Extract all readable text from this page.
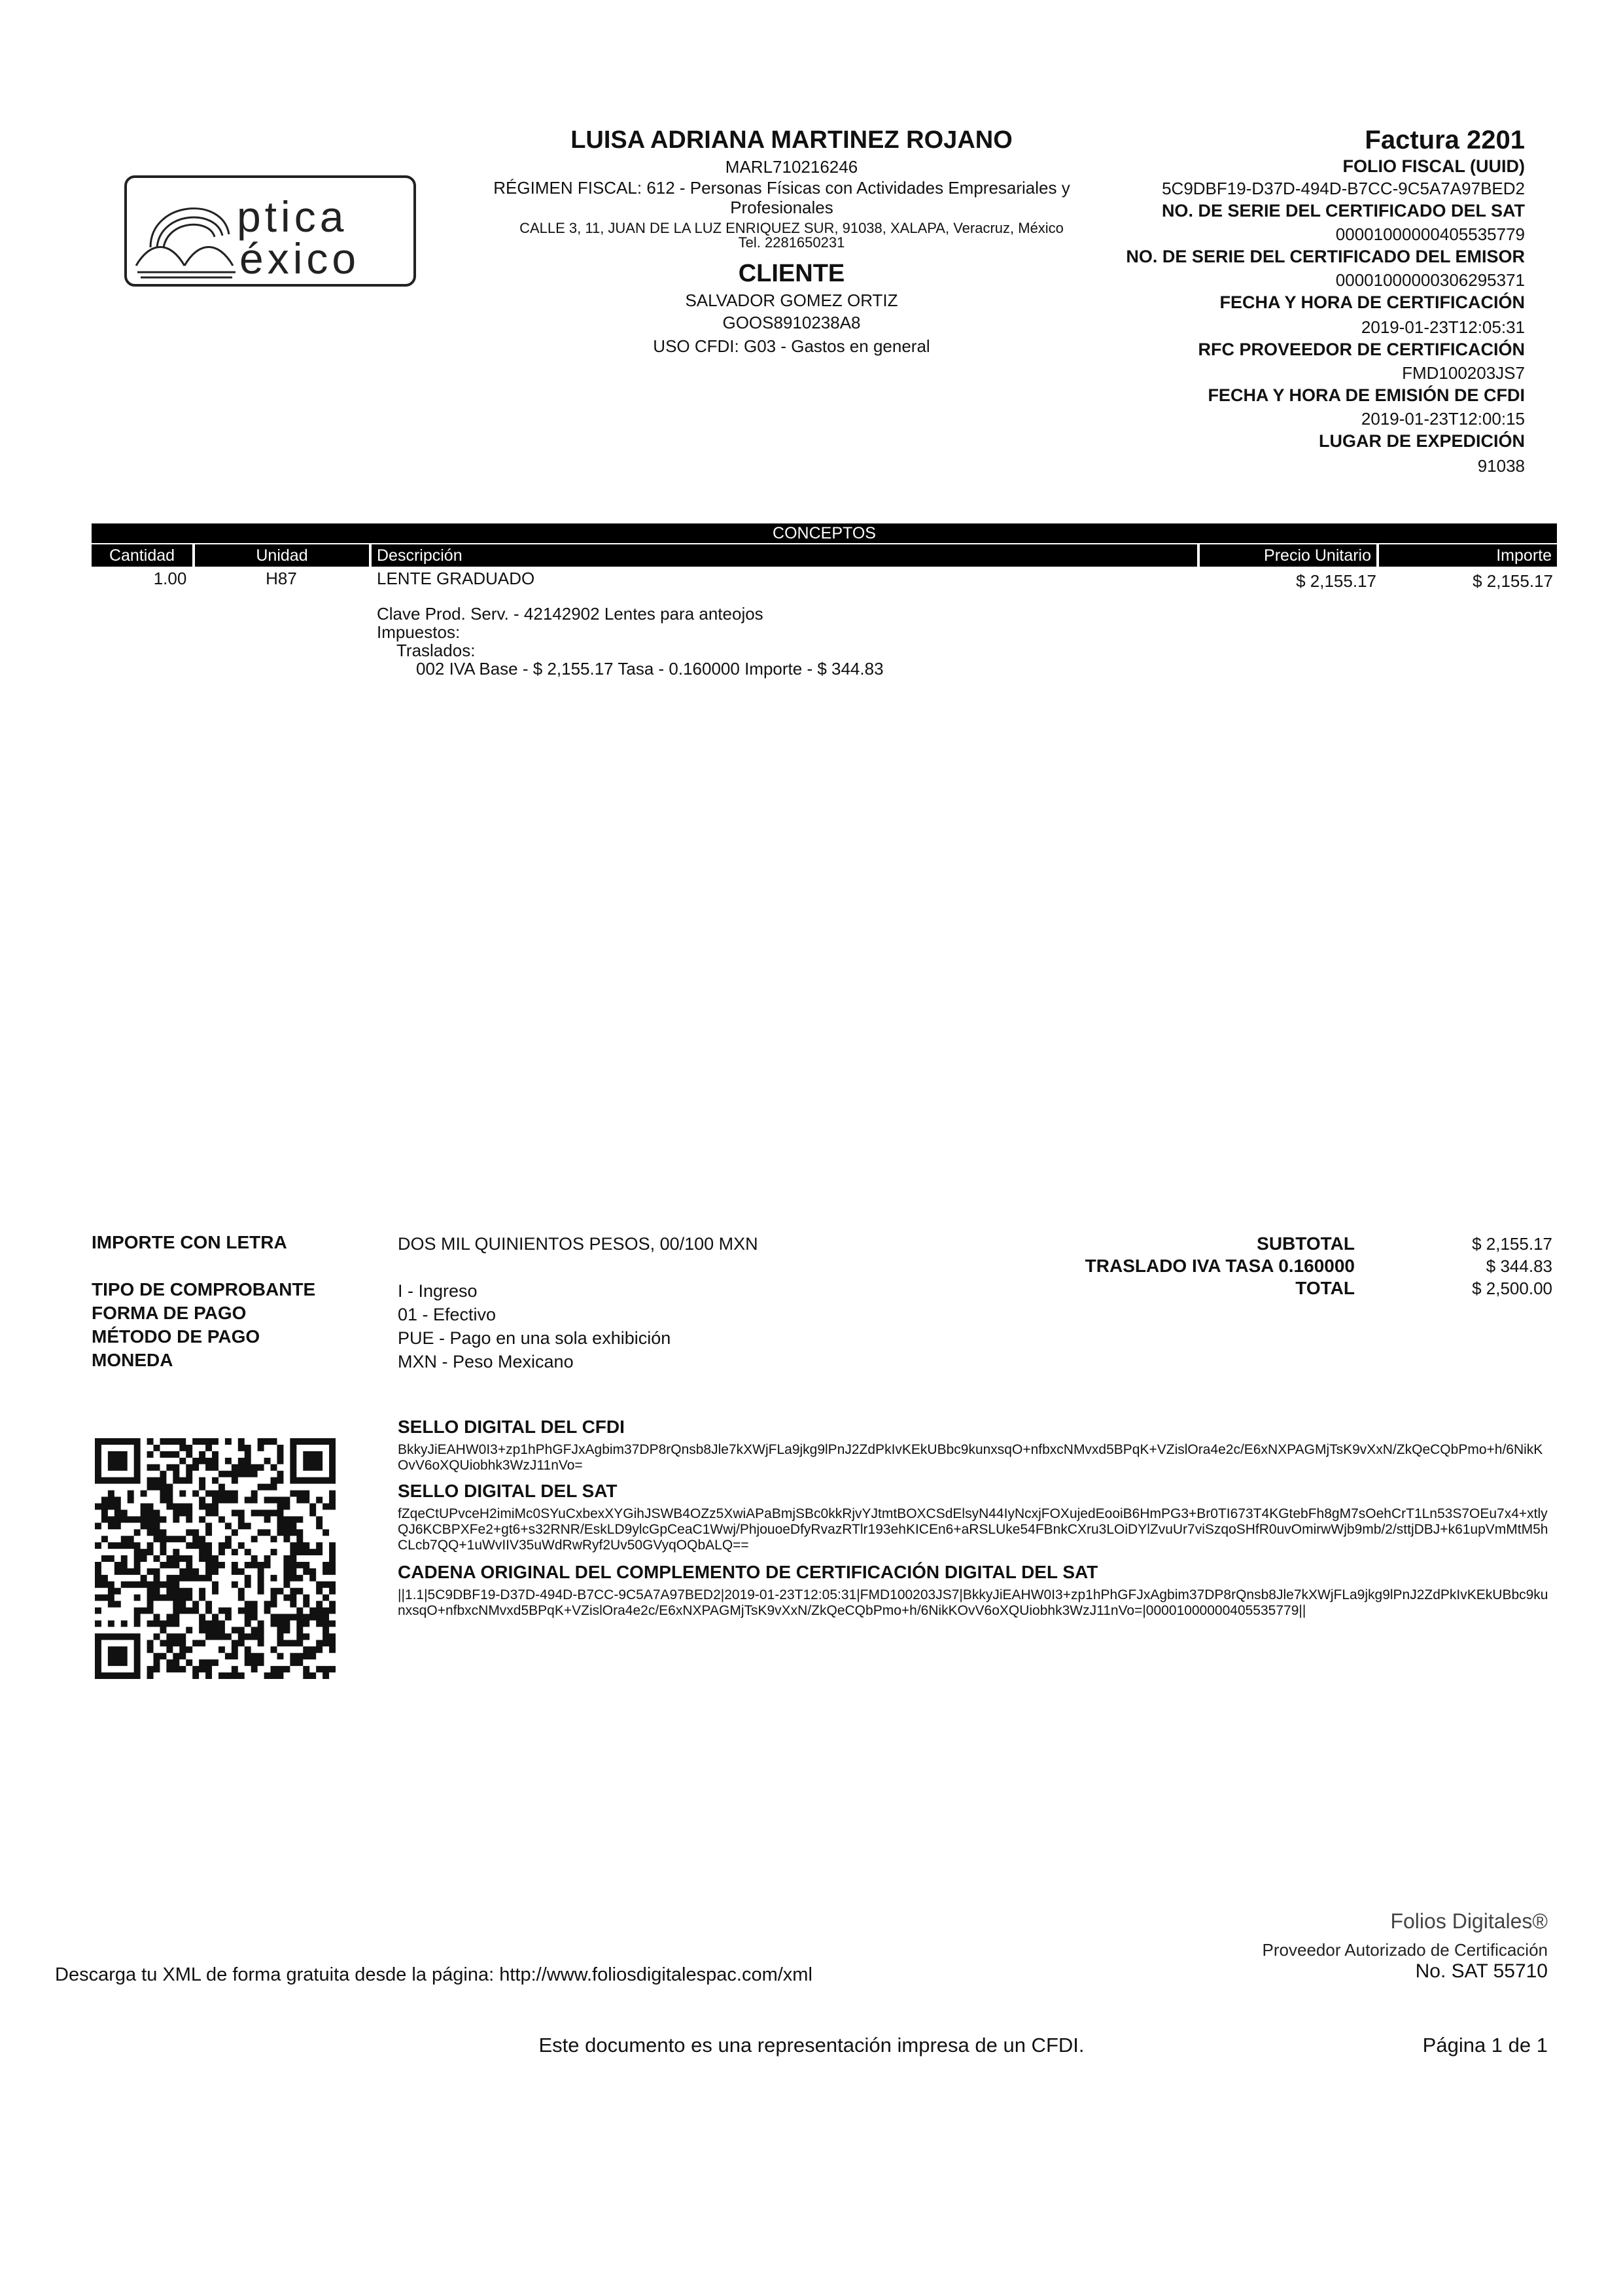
ptica
éxico
LUISA ADRIANA MARTINEZ ROJANO
MARL710216246
RÉGIMEN FISCAL: 612 - Personas Físicas con Actividades Empresariales y Profesionales
CALLE 3, 11, JUAN DE LA LUZ ENRIQUEZ SUR, 91038, XALAPA, Veracruz, México
Tel. 2281650231
CLIENTE
SALVADOR GOMEZ ORTIZ
GOOS8910238A8
USO CFDI: G03 - Gastos en general
Factura 2201
FOLIO FISCAL (UUID)
5C9DBF19-D37D-494D-B7CC-9C5A7A97BED2
NO. DE SERIE DEL CERTIFICADO DEL SAT
00001000000405535779
NO. DE SERIE DEL CERTIFICADO DEL EMISOR
00001000000306295371
FECHA Y HORA DE CERTIFICACIÓN
2019-01-23T12:05:31
RFC PROVEEDOR DE CERTIFICACIÓN
FMD100203JS7
FECHA Y HORA DE EMISIÓN DE CFDI
2019-01-23T12:00:15
LUGAR DE EXPEDICIÓN
91038
CONCEPTOS
Cantidad	Unidad	Descripción	Precio Unitario	Importe
1.00	H87	LENTE GRADUADO	$ 2,155.17	$ 2,155.17
Clave Prod. Serv. - 42142902 Lentes para anteojos
Impuestos:
Traslados:
002 IVA Base - $ 2,155.17 Tasa - 0.160000 Importe - $ 344.83
IMPORTE CON LETRA	DOS MIL QUINIENTOS PESOS, 00/100 MXN
TIPO DE COMPROBANTE	I - Ingreso
FORMA DE PAGO	01 - Efectivo
MÉTODO DE PAGO	PUE - Pago en una sola exhibición
MONEDA	MXN - Peso Mexicano
SUBTOTAL	$ 2,155.17
TRASLADO IVA TASA 0.160000	$ 344.83
TOTAL	$ 2,500.00
SELLO DIGITAL DEL CFDI
BkkyJiEAHW0I3+zp1hPhGFJxAgbim37DP8rQnsb8Jle7kXWjFLa9jkg9lPnJ2ZdPkIvKEkUBbc9kunxsqO+nfbxcNMvxd5BPqK+VZislOra4e2c/E6xNXPAGMjTsK9vXxN/ZkQeCQbPmo+h/6NikKOvV6oXQUiobhk3WzJ11nVo=
SELLO DIGITAL DEL SAT
fZqeCtUPvceH2imiMc0SYuCxbexXYGihJSWB4OZz5XwiAPaBmjSBc0kkRjvYJtmtBOXCSdElsyN44IyNcxjFOXujedEooiB6HmPG3+Br0TI673T4KGtebFh8gM7sOehCrT1Ln53S7OEu7x4+xtlyQJ6KCBPXFe2+gt6+s32RNR/EskLD9ylcGpCeaC1Wwj/PhjouoeDfyRvazRTlr193ehKICEn6+aRSLUke54FBnkCXru3LOiDYlZvuUr7viSzqoSHfR0uvOmirwWjb9mb/2/sttjDBJ+k61upVmMtM5hCLcb7QQ+1uWvIIV35uWdRwRyf2Uv50GVyqOQbALQ==
CADENA ORIGINAL DEL COMPLEMENTO DE CERTIFICACIÓN DIGITAL DEL SAT
||1.1|5C9DBF19-D37D-494D-B7CC-9C5A7A97BED2|2019-01-23T12:05:31|FMD100203JS7|BkkyJiEAHW0I3+zp1hPhGFJxAgbim37DP8rQnsb8Jle7kXWjFLa9jkg9lPnJ2ZdPkIvKEkUBbc9kunxsqO+nfbxcNMvxd5BPqK+VZislOra4e2c/E6xNXPAGMjTsK9vXxN/ZkQeCQbPmo+h/6NikKOvV6oXQUiobhk3WzJ11nVo=|00001000000405535779||
Folios Digitales®
Proveedor Autorizado de Certificación
No. SAT 55710
Descarga tu XML de forma gratuita desde la página: http://www.foliosdigitalespac.com/xml
Este documento es una representación impresa de un CFDI.	Página 1 de 1
